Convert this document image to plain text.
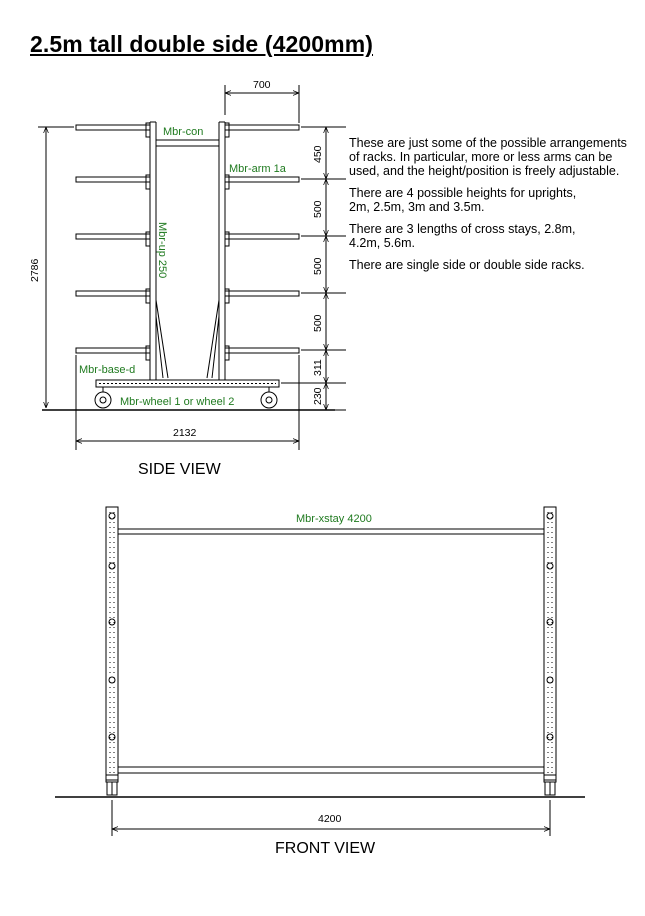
2.5m tall double side (4200mm)

These are just some of the possible arrangements of racks. In particular, more or less arms can be used, and the height/position is freely adjustable.

There are 4 possible heights for uprights,
2m, 2.5m, 3m and 3.5m.

There are 3 lengths of cross stays, 2.8m,
4.2m, 5.6m.

There are single side or double side racks.

Mbr-con
Mbr-arm 1a
Mbr-up 250
Mbr-base-d
Mbr-wheel 1 or wheel 2
700
2786
2132
450
500
500
500
311
230
SIDE VIEW
Mbr-xstay 4200
4200
FRONT VIEW
